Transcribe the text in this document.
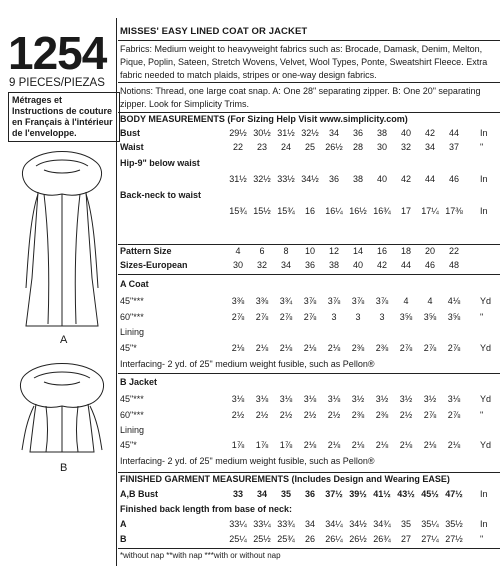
1254
9 PIECES/PIEZAS
Métrages et Instructions de couture en Français à l'intérieur de l'enveloppe.
A
B
MISSES' EASY LINED COAT OR JACKET
Fabrics: Medium weight to heavyweight fabrics such as: Brocade, Damask, Denim, Melton, Pique, Poplin, Sateen, Stretch Wovens, Velvet, Wool Types, Ponte, Sweatshirt Fleece. Extra fabric needed to match plaids, stripes or one-way design fabrics.
Notions: Thread, one large coat snap. A: One 28" separating zipper. B: One 20" separating zipper. Look for Simplicity Trims.
BODY MEASUREMENTS (For Sizing Help Visit www.simplicity.com)
Bust	29½ 30½ 31½ 32½	34	36	38	40	42	44	In
Waist	22	23	24	25	26½	28	30	32	34	37	"
Hip-9" below waist
31½ 32½ 33½ 34½	36	38	40	42	44	46	In
Back-neck to waist
15¾ 15½ 15¾	16	16¼ 16½ 16¾	17	17¼ 17⅜	In
Pattern Size	4	6	8	10	12	14	16	18	20	22
Sizes-European	30	32	34	36	38	40	42	44	46	48
A Coat
45"***	3⅜	3⅜	3¾	3⅞	3⅞	3⅞	3⅞	4	4	4⅛	Yd
60"***	2⅞	2⅞	2⅞	2⅞	3	3	3	3⅝	3⅝	3⅝	"
Lining
45"*	2⅛	2⅛	2⅛	2⅛	2⅛	2⅜	2⅜	2⅞	2⅞	2⅞	Yd
Interfacing- 2 yd. of 25" medium weight fusible, such as Pellon®
B Jacket
45"***	3⅛	3⅛	3⅛	3⅛	3⅛	3½	3½	3½	3½	3⅛	Yd
60"***	2½	2½	2½	2½	2½	2⅜	2⅜	2½	2⅞	2⅞	"
Lining
45"*	1⅞	1⅞	1⅞	2⅛	2⅛	2⅛	2⅛	2⅛	2⅛	2⅛	Yd
Interfacing- 2 yd. of 25" medium weight fusible, such as Pellon®
FINISHED GARMENT MEASUREMENTS (Includes Design and Wearing EASE)
A,B Bust	33	34	35	36	37½ 39½ 41½ 43½ 45½ 47½	In
Finished back length from base of neck:
A	33¼ 33¼ 33¾	34	34¼ 34½ 34¾	35	35¼ 35½	In
B	25¼ 25½ 25¾	26	26¼ 26½ 26¾	27	27¼ 27½	"
*without nap **with nap ***with or without nap
